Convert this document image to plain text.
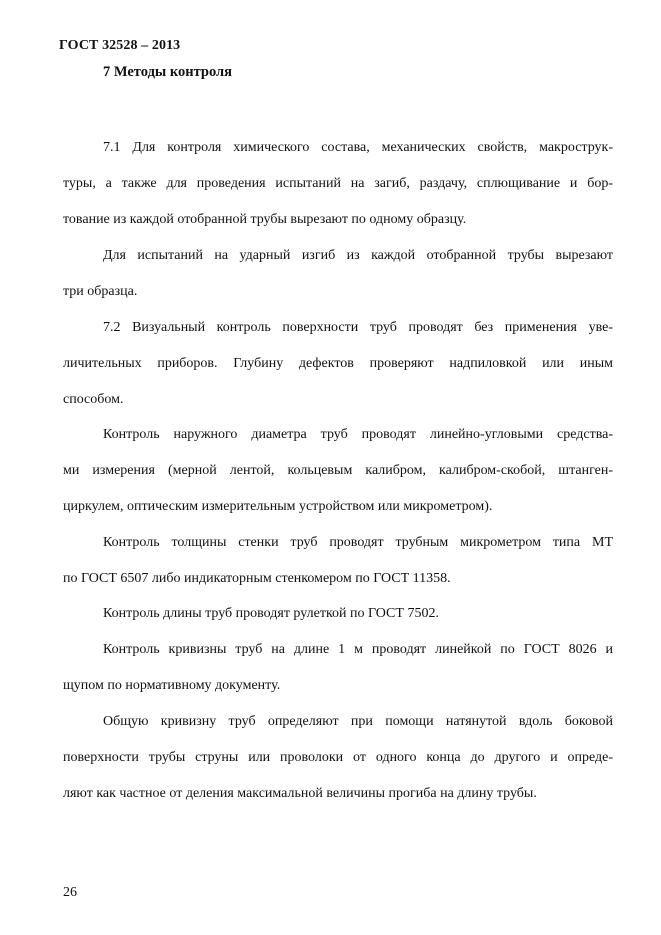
ГОСТ 32528 – 2013
7 Методы контроля
7.1 Для контроля химического состава, механических свойств, макрострук-
туры, а также для проведения испытаний на загиб, раздачу, сплющивание и бор-
тование из каждой отобранной трубы вырезают по одному образцу.
Для испытаний на ударный изгиб из каждой отобранной трубы вырезают
три образца.
7.2 Визуальный контроль поверхности труб проводят без применения уве-
личительных приборов. Глубину дефектов проверяют надпиловкой или иным
способом.
Контроль наружного диаметра труб проводят линейно-угловыми средства-
ми измерения (мерной лентой, кольцевым калибром, калибром-скобой, штанген-
циркулем, оптическим измерительным устройством или микрометром).
Контроль толщины стенки труб проводят трубным микрометром типа МТ
по ГОСТ 6507 либо индикаторным стенкомером по ГОСТ 11358.
Контроль длины труб проводят рулеткой по ГОСТ 7502.
Контроль кривизны труб на длине 1 м проводят линейкой по ГОСТ 8026 и
щупом по нормативному документу.
Общую кривизну труб определяют при помощи натянутой вдоль боковой
поверхности трубы струны или проволоки от одного конца до другого и опреде-
ляют как частное от деления максимальной величины прогиба на длину трубы.
26
